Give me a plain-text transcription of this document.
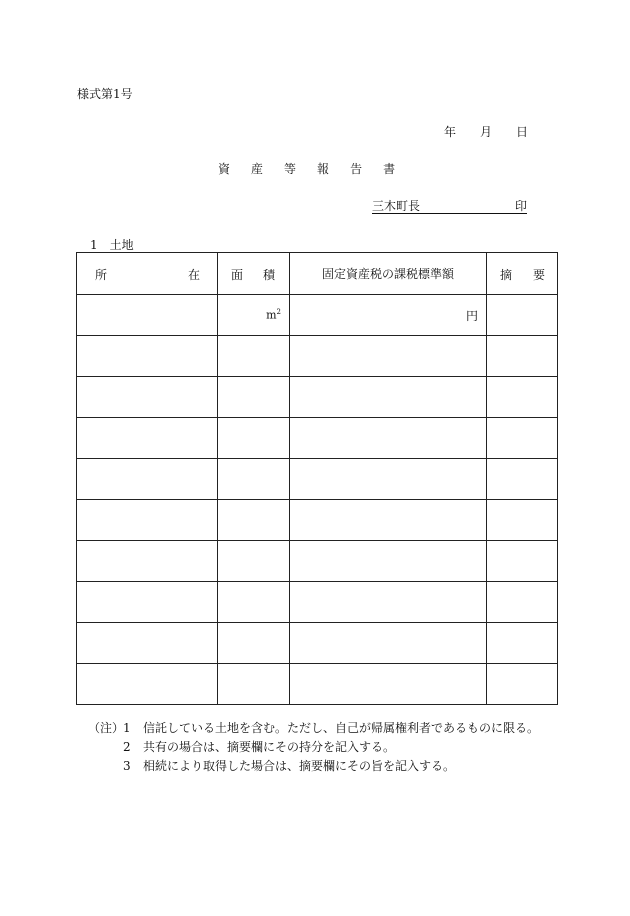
様式第1号
年 月 日
資 産 等 報 告 書
三木町長	印
1　土地
所 在	面 積	固定資産税の課税標準額	摘 要

	$m^2$	円	

（注）1 信託している土地を含む。ただし、自己が帰属権利者であるものに限る。
2 共有の場合は、摘要欄にその持分を記入する。
3 相続により取得した場合は、摘要欄にその旨を記入する。
